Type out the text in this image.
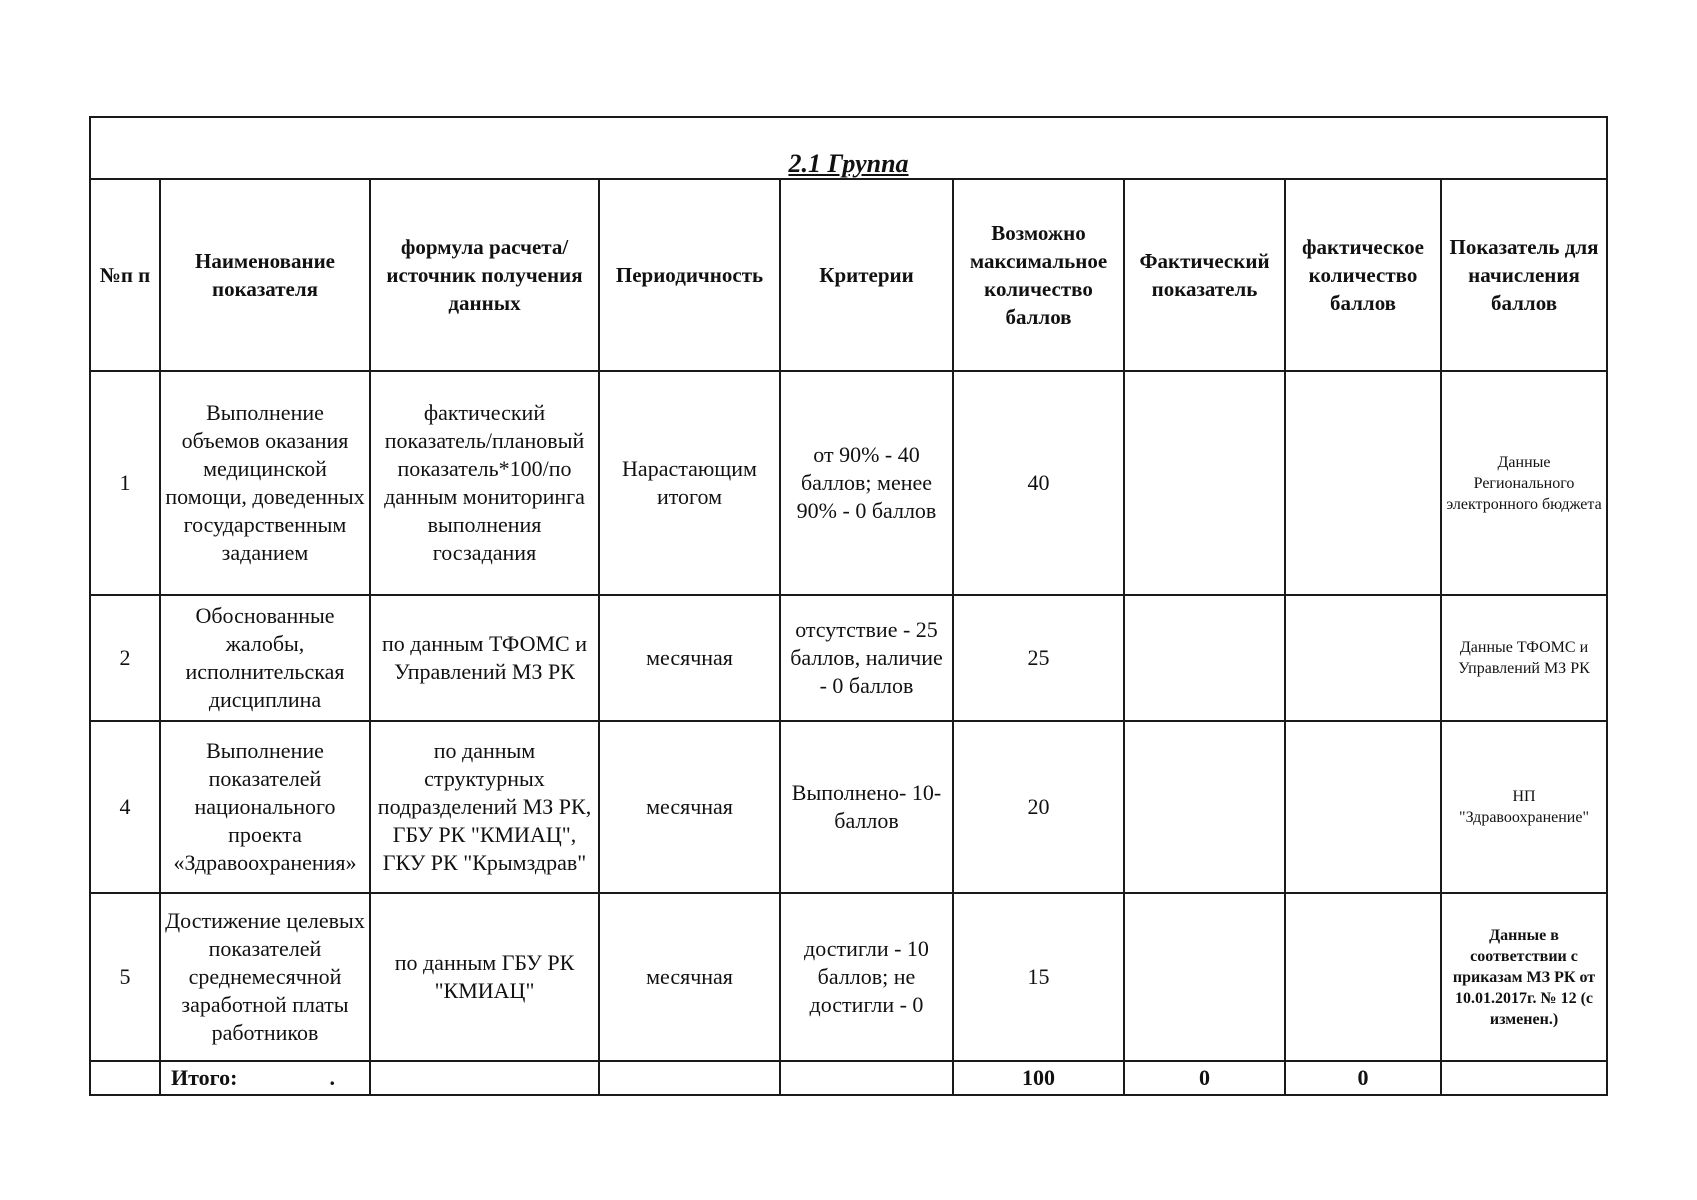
2.1 Группа								
№п п	Наименование показателя	формула расчета/источник получения данных	Периодичность	Критерии	Возможно максимальное количество баллов	Фактический показатель	фактическое количество баллов	Показатель для начисления баллов
1	Выполнение объемов оказания медицинской помощи, доведенных государственным заданием	фактический показатель/плановый показатель*100/по данным мониторинга выполнения госзадания	Нарастающим итогом	от 90% - 40 баллов; менее 90% - 0 баллов	40			Данные Регионального электронного бюджета
2	Обоснованные жалобы, исполнительская дисциплина	по данным ТФОМС и Управлений МЗ РК	месячная	отсутствие - 25 баллов, наличие - 0 баллов	25			Данные ТФОМС и Управлений МЗ РК
4	Выполнение показателей национального проекта «Здравоохранения»	по данным структурных подразделений МЗ РК, ГБУ РК "КМИАЦ", ГКУ РК "Крымздрав"	месячная	Выполнено- 10- баллов	20			НП "Здравоохранение"
5	Достижение целевых показателей среднемесячной заработной платы работников	по данным ГБУ РК "КМИАЦ"	месячная	достигли - 10 баллов; не достигли - 0	15			Данные в соответствии с приказам МЗ РК от 10.01.2017г. № 12 (с изменен.)

	Итого: .				100	0	0	
